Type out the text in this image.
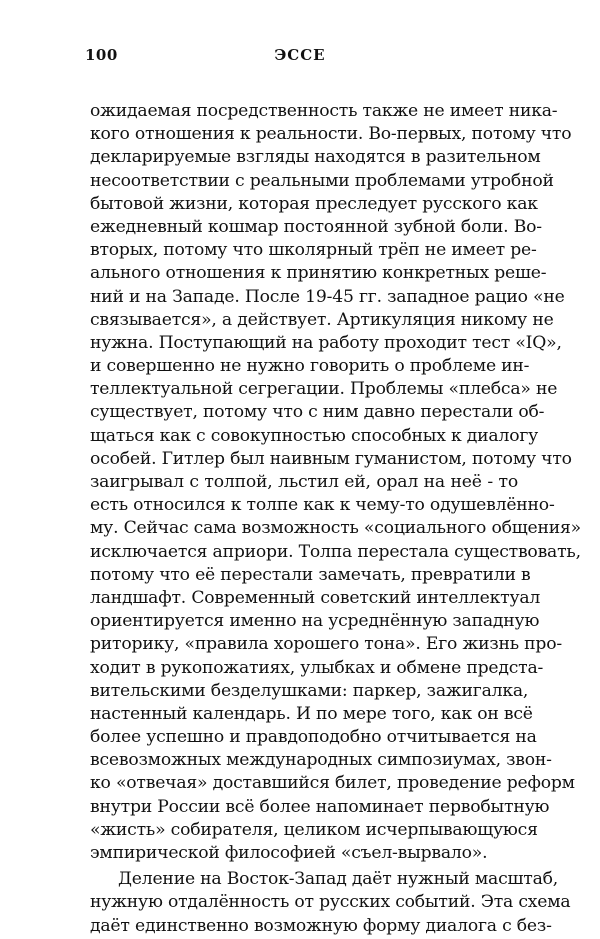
100	ЭССЕ
ожидаемая посредственность также не имеет ника-
кого отношения к реальности. Во-первых, потому что
декларируемые взгляды находятся в разительном
несоответствии с реальными проблемами утробной
бытовой жизни, которая преследует русского как
ежедневный кошмар постоянной зубной боли. Во-
вторых, потому что школярный трёп не имеет ре-
ального отношения к принятию конкретных реше-
ний и на Западе. После 19-45 гг. западное рацио «не
связывается», а действует. Артикуляция никому не
нужна. Поступающий на работу проходит тест «IQ»,
и совершенно не нужно говорить о проблеме ин-
теллектуальной сегрегации. Проблемы «плебса» не
существует, потому что с ним давно перестали об-
щаться как с совокупностью способных к диалогу
особей. Гитлер был наивным гуманистом, потому что
заигрывал с толпой, льстил ей, орал на неё - то
есть относился к толпе как к чему-то одушевлённо-
му. Сейчас сама возможность «социального общения»
исключается априори. Толпа перестала существовать,
потому что её перестали замечать, превратили в
ландшафт. Современный советский интеллектуал
ориентируется именно на усреднённую западную
риторику, «правила хорошего тона». Его жизнь про-
ходит в рукопожатиях, улыбках и обмене предста-
вительскими безделушками: паркер, зажигалка,
настенный календарь. И по мере того, как он всё
более успешно и правдоподобно отчитывается на
всевозможных международных симпозиумах, звон-
ко «отвечая» доставшийся билет, проведение реформ
внутри России всё более напоминает первобытную
«жисть» собирателя, целиком исчерпывающуюся
эмпирической философией «съел-вырвало».
Деление на Восток-Запад даёт нужный масштаб,
нужную отдалённость от русских событий. Эта схема
даёт единственно возможную форму диалога с без-
